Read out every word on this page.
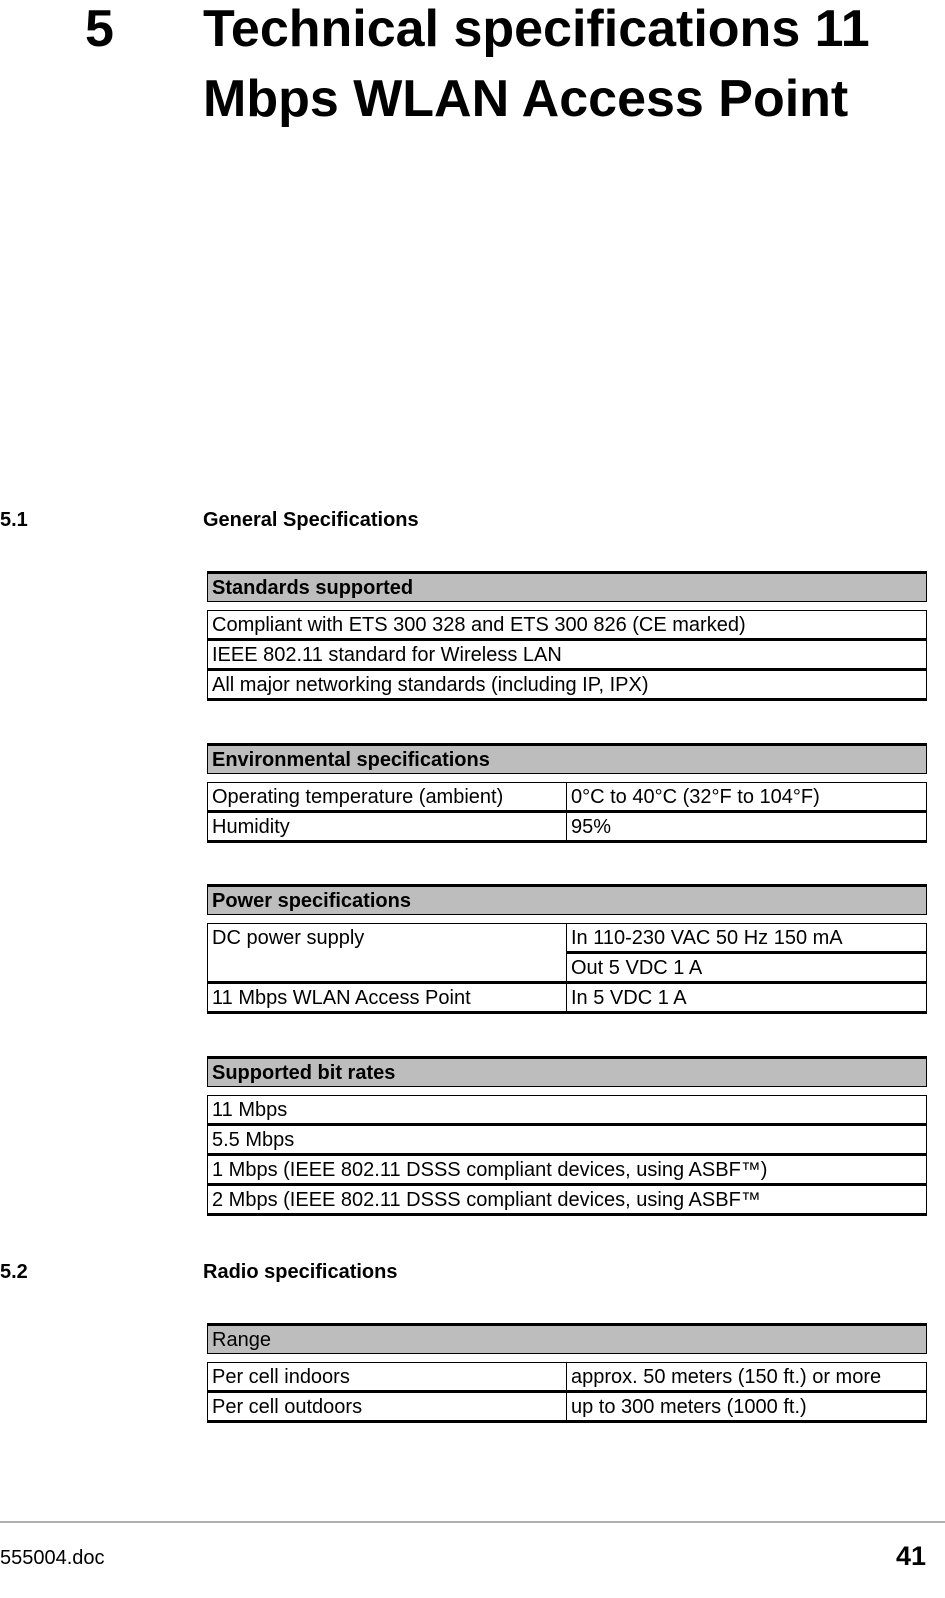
5 Technical specifications 11 Mbps WLAN Access Point
5.1	General Specifications
Standards supported

Compliant with ETS 300 328 and ETS 300 826 (CE marked)
IEEE 802.11 standard for Wireless LAN
All major networking standards (including IP, IPX)
Environmental specifications	

Operating temperature (ambient)	0°C to 40°C (32°F to 104°F)
Humidity	95%
Power specifications	

DC power supply	In 110-230 VAC 50 Hz 150 mA
	Out 5 VDC 1 A
11 Mbps WLAN Access Point	In 5 VDC 1 A
Supported bit rates

11 Mbps
5.5 Mbps
1 Mbps (IEEE 802.11 DSSS compliant devices, using ASBF™)
2 Mbps (IEEE 802.11 DSSS compliant devices, using ASBF™
5.2	Radio specifications
Range	

Per cell indoors	approx. 50 meters (150 ft.) or more
Per cell outdoors	up to 300 meters (1000 ft.)
555004.doc	41
